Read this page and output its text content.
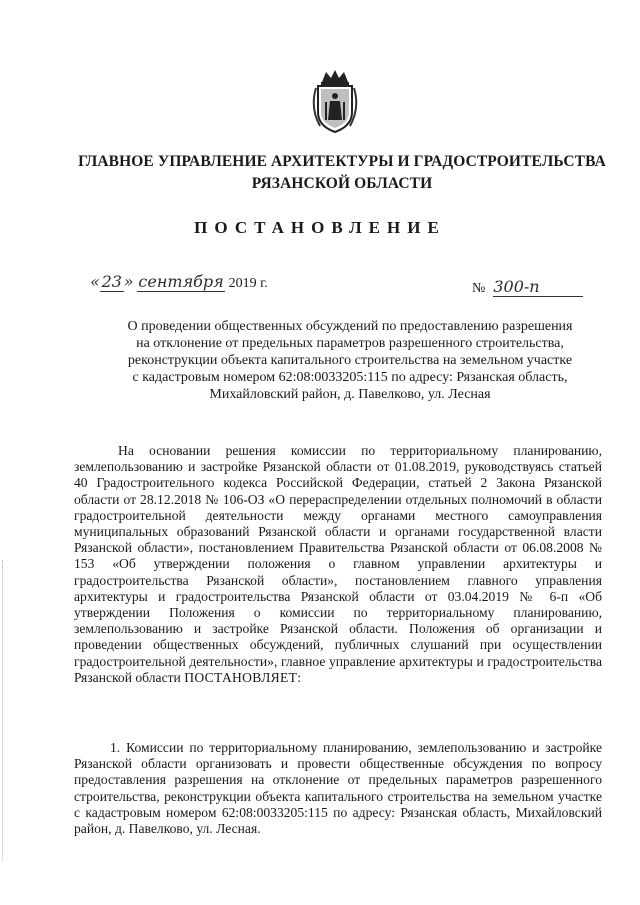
ГЛАВНОЕ УПРАВЛЕНИЕ АРХИТЕКТУРЫ И ГРАДОСТРОИТЕЛЬСТВА
РЯЗАНСКОЙ ОБЛАСТИ
ПОСТАНОВЛЕНИЕ
« 23 » сентября 2019 г.	№ 300-п
О проведении общественных обсуждений по предоставлению разрешения
на отклонение от предельных параметров разрешенного строительства,
реконструкции объекта капитального строительства на земельном участке
с кадастровым номером 62:08:0033205:115 по адресу: Рязанская область,
Михайловский район, д. Павелково, ул. Лесная
На основании решения комиссии по территориальному планированию, землепользованию и застройке Рязанской области от 01.08.2019, руководствуясь статьей 40 Градостроительного кодекса Российской Федерации, статьей 2 Закона Рязанской области от 28.12.2018 № 106-ОЗ «О перераспределении отдельных полномочий в области градостроительной деятельности между органами местного самоуправления муниципальных образований Рязанской области и органами государственной власти Рязанской области», постановлением Правительства Рязанской области от 06.08.2008 № 153 «Об утверждении положения о главном управлении архитектуры и градостроительства Рязанской области», постановлением главного управления архитектуры и градостроительства Рязанской области от 03.04.2019 № 6-п «Об утверждении Положения о комиссии по территориальному планированию, землепользованию и застройке Рязанской области. Положения об организации и проведении общественных обсуждений, публичных слушаний при осуществлении градостроительной деятельности», главное управление архитектуры и градостроительства Рязанской области ПОСТАНОВЛЯЕТ:
1. Комиссии по территориальному планированию, землепользованию и застройке Рязанской области организовать и провести общественные обсуждения по вопросу предоставления разрешения на отклонение от предельных параметров разрешенного строительства, реконструкции объекта капитального строительства на земельном участке с кадастровым номером 62:08:0033205:115 по адресу: Рязанская область, Михайловский район, д. Павелково, ул. Лесная.
